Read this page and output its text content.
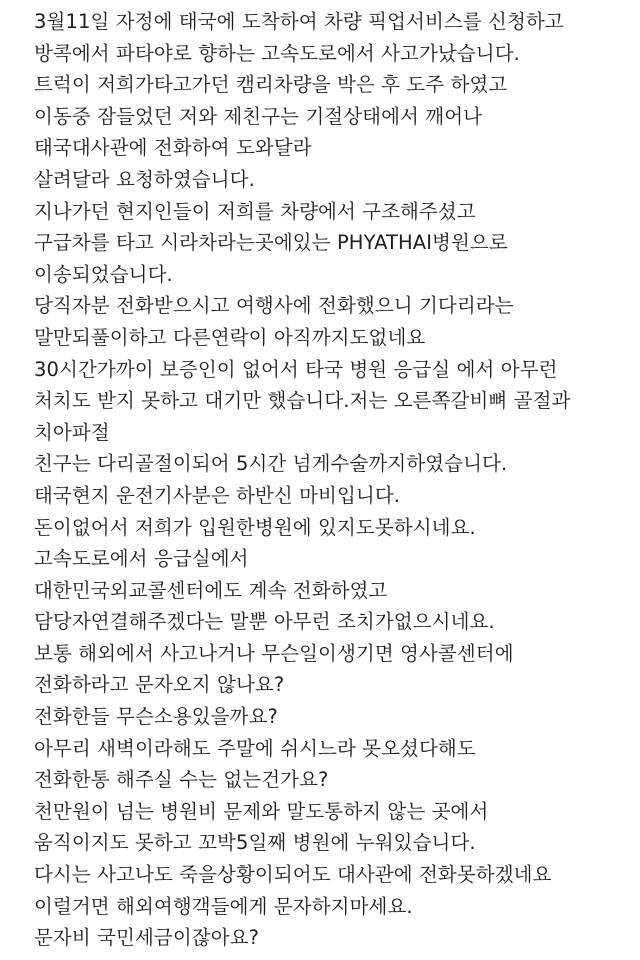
3월11일 자정에 태국에 도착하여 차량 픽업서비스를 신청하고
방콕에서 파타야로 향하는 고속도로에서 사고가났습니다.
트럭이 저희가타고가던 캠리차량을 박은 후 도주 하였고
이동중 잠들었던 저와 제친구는 기절상태에서 깨어나
태국대사관에 전화하여 도와달라
살려달라 요청하였습니다.
지나가던 현지인들이 저희를 차량에서 구조해주셨고
구급차를 타고 시라차라는곳에있는 PHYATHAI병원으로
이송되었습니다.
당직자분 전화받으시고 여행사에 전화했으니 기다리라는
말만되풀이하고 다른연락이 아직까지도없네요
30시간가까이 보증인이 없어서 타국 병원 응급실 에서 아무런
처치도 받지 못하고 대기만 했습니다.저는 오른쪽갈비뼈 골절과
치아파절
친구는 다리골절이되어 5시간 넘게수술까지하였습니다.
태국현지 운전기사분은 하반신 마비입니다.
돈이없어서 저희가 입원한병원에 있지도못하시네요.
고속도로에서 응급실에서
대한민국외교콜센터에도 계속 전화하였고
담당자연결해주겠다는 말뿐 아무런 조치가없으시네요.
보통 해외에서 사고나거나 무슨일이생기면 영사콜센터에
전화하라고 문자오지 않나요?
전화한들 무슨소용있을까요?
아무리 새벽이라해도 주말에 쉬시느라 못오셨다해도
전화한통 해주실 수는 없는건가요?
천만원이 넘는 병원비 문제와 말도통하지 않는 곳에서
움직이지도 못하고 꼬박5일째 병원에 누워있습니다.
다시는 사고나도 죽을상황이되어도 대사관에 전화못하겠네요
이럴거면 해외여행객들에게 문자하지마세요.
문자비 국민세금이잖아요?
